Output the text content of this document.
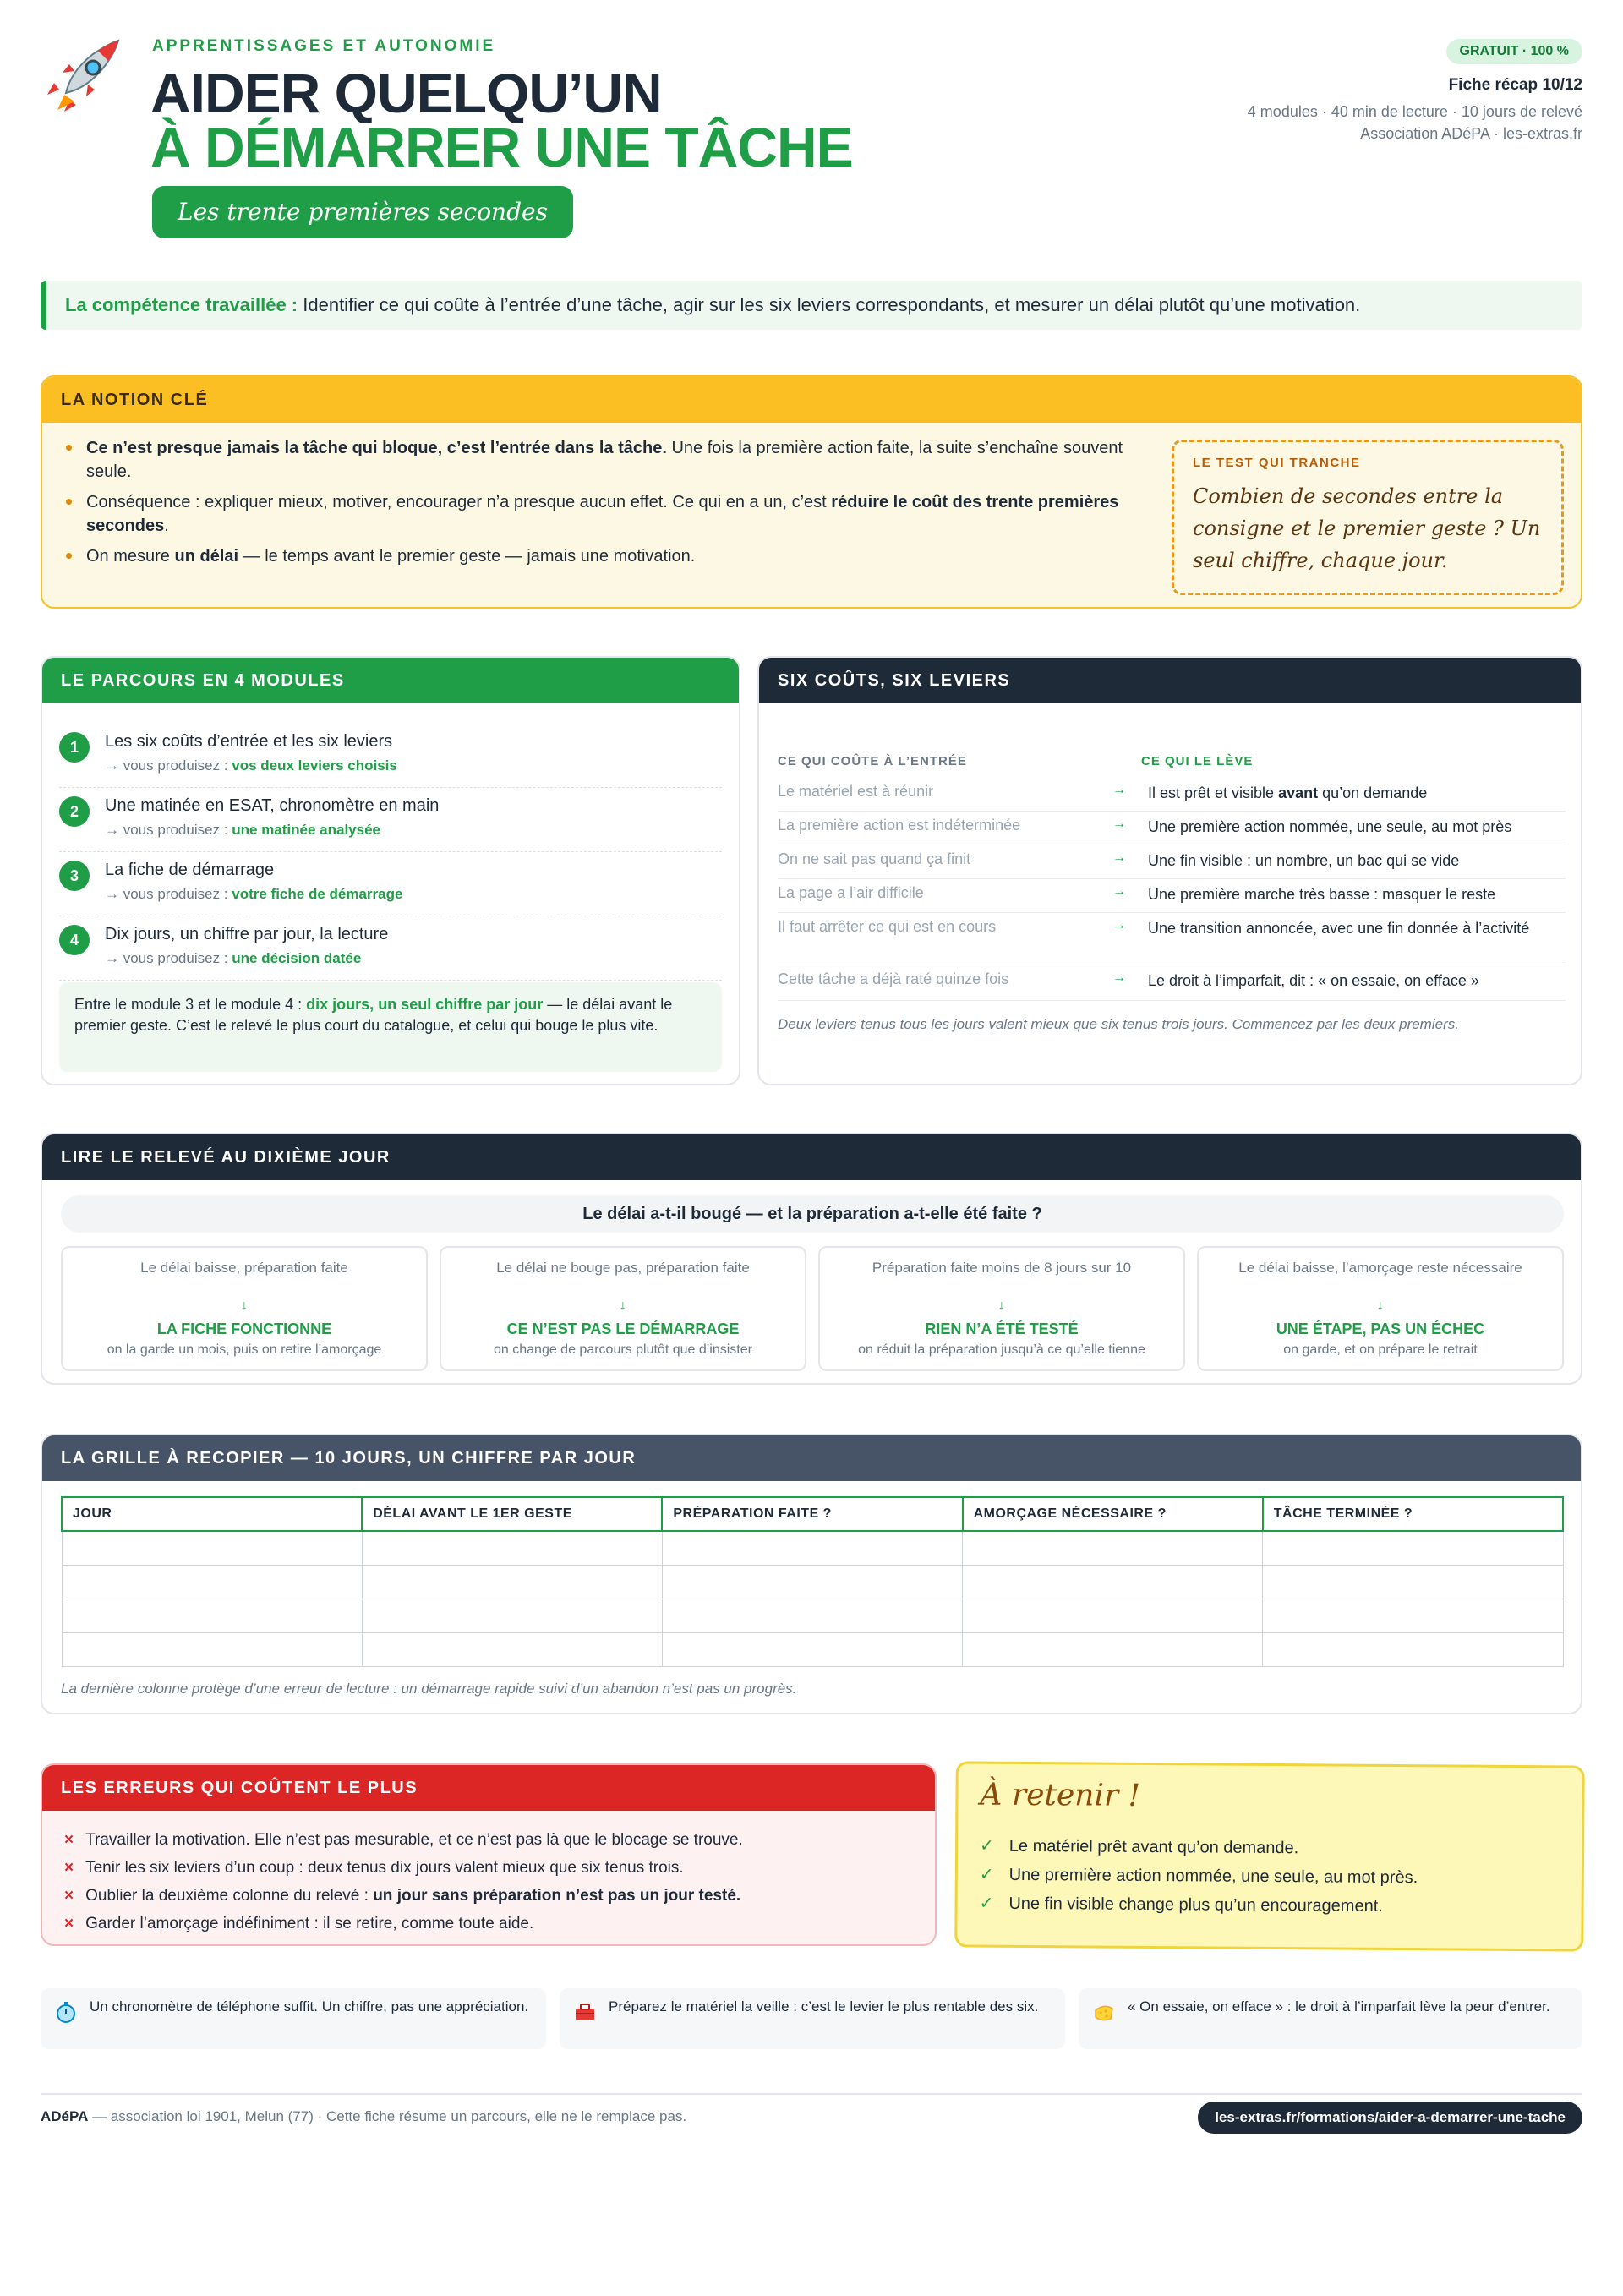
APPRENTISSAGES ET AUTONOMIE
AIDER QUELQU’UN
À DÉMARRER UNE TÂCHE
Les trente premières secondes
GRATUIT · 100 %
Fiche récap 10/12
4 modules · 40 min de lecture · 10 jours de relevé
Association ADéPA · les-extras.fr
La compétence travaillée : Identifier ce qui coûte à l’entrée d’une tâche, agir sur les six leviers correspondants, et mesurer un délai plutôt qu’une motivation.
LA NOTION CLÉ
Ce n’est presque jamais la tâche qui bloque, c’est l’entrée dans la tâche. Une fois la première action faite, la suite s’enchaîne souvent seule.
Conséquence : expliquer mieux, motiver, encourager n’a presque aucun effet. Ce qui en a un, c’est réduire le coût des trente premières secondes.
On mesure un délai — le temps avant le premier geste — jamais une motivation.
LE TEST QUI TRANCHE
Combien de secondes entre la consigne et le premier geste ? Un seul chiffre, chaque jour.
LE PARCOURS EN 4 MODULES
1	Les six coûts d’entrée et les six leviers
→ vous produisez : vos deux leviers choisis
2	Une matinée en ESAT, chronomètre en main
→ vous produisez : une matinée analysée
3	La fiche de démarrage
→ vous produisez : votre fiche de démarrage
4	Dix jours, un chiffre par jour, la lecture
→ vous produisez : une décision datée
Entre le module 3 et le module 4 : dix jours, un seul chiffre par jour — le délai avant le premier geste. C’est le relevé le plus court du catalogue, et celui qui bouge le plus vite.
SIX COÛTS, SIX LEVIERS
CE QUI COÛTE À L’ENTRÉE	CE QUI LE LÈVE
Le matériel est à réunir	→ Il est prêt et visible avant qu’on demande
La première action est indéterminée	→ Une première action nommée, une seule, au mot près
On ne sait pas quand ça finit	→ Une fin visible : un nombre, un bac qui se vide
La page a l’air difficile	→ Une première marche très basse : masquer le reste
Il faut arrêter ce qui est en cours	→ Une transition annoncée, avec une fin donnée à l’activité
Cette tâche a déjà raté quinze fois	→ Le droit à l’imparfait, dit : « on essaie, on efface »
Deux leviers tenus tous les jours valent mieux que six tenus trois jours. Commencez par les deux premiers.
LIRE LE RELEVÉ AU DIXIÈME JOUR
Le délai a-t-il bougé — et la préparation a-t-elle été faite ?
Le délai baisse, préparation faite
↓
LA FICHE FONCTIONNE
on la garde un mois, puis on retire l’amorçage
Le délai ne bouge pas, préparation faite
↓
CE N’EST PAS LE DÉMARRAGE
on change de parcours plutôt que d’insister
Préparation faite moins de 8 jours sur 10
↓
RIEN N’A ÉTÉ TESTÉ
on réduit la préparation jusqu’à ce qu’elle tienne
Le délai baisse, l’amorçage reste nécessaire
↓
UNE ÉTAPE, PAS UN ÉCHEC
on garde, et on prépare le retrait
LA GRILLE À RECOPIER — 10 JOURS, UN CHIFFRE PAR JOUR
JOUR	DÉLAI AVANT LE 1ER GESTE	PRÉPARATION FAITE ?	AMORÇAGE NÉCESSAIRE ?	TÂCHE TERMINÉE ?

La dernière colonne protège d’une erreur de lecture : un démarrage rapide suivi d’un abandon n’est pas un progrès.
LES ERREURS QUI COÛTENT LE PLUS
× Travailler la motivation. Elle n’est pas mesurable, et ce n’est pas là que le blocage se trouve.
× Tenir les six leviers d’un coup : deux tenus dix jours valent mieux que six tenus trois.
× Oublier la deuxième colonne du relevé : un jour sans préparation n’est pas un jour testé.
× Garder l’amorçage indéfiniment : il se retire, comme toute aide.
À retenir !
✓ Le matériel prêt avant qu’on demande.
✓ Une première action nommée, une seule, au mot près.
✓ Une fin visible change plus qu’un encouragement.
Un chronomètre de téléphone suffit. Un chiffre, pas une appréciation.	Préparez le matériel la veille : c’est le levier le plus rentable des six.	« On essaie, on efface » : le droit à l’imparfait lève la peur d’entrer.
ADéPA — association loi 1901, Melun (77) · Cette fiche résume un parcours, elle ne le remplace pas.	les-extras.fr/formations/aider-a-demarrer-une-tache
